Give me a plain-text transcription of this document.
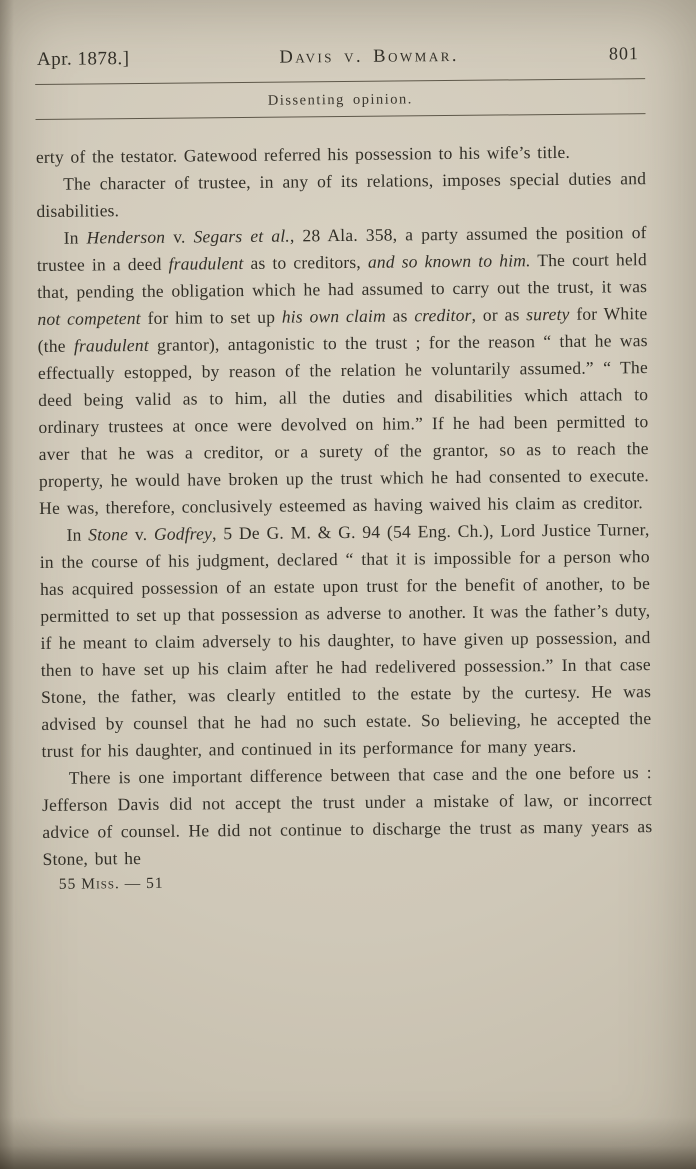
Apr. 1878.]	Davis v. Bowmar.	801
Dissenting opinion.

erty of the testator. Gatewood referred his possession to his wife’s title.

The character of trustee, in any of its relations, imposes special duties and disabilities.

In Henderson v. Segars et al., 28 Ala. 358, a party assumed the position of trustee in a deed fraudulent as to creditors, and so known to him. The court held that, pending the obligation which he had assumed to carry out the trust, it was not competent for him to set up his own claim as creditor, or as surety for White (the fraudulent grantor), antagonistic to the trust ; for the reason “ that he was effectually estopped, by reason of the relation he voluntarily assumed.” “ The deed being valid as to him, all the duties and disabilities which attach to ordinary trustees at once were devolved on him.” If he had been permitted to aver that he was a creditor, or a surety of the grantor, so as to reach the property, he would have broken up the trust which he had consented to execute. He was, therefore, conclusively esteemed as having waived his claim as creditor.

In Stone v. Godfrey, 5 De G. M. & G. 94 (54 Eng. Ch.), Lord Justice Turner, in the course of his judgment, declared “ that it is impossible for a person who has acquired possession of an estate upon trust for the benefit of another, to be permitted to set up that possession as adverse to another. It was the father’s duty, if he meant to claim adversely to his daughter, to have given up possession, and then to have set up his claim after he had redelivered possession.” In that case Stone, the father, was clearly entitled to the estate by the curtesy. He was advised by counsel that he had no such estate. So believing, he accepted the trust for his daughter, and continued in its performance for many years.

There is one important difference between that case and the one before us : Jefferson Davis did not accept the trust under a mistake of law, or incorrect advice of counsel. He did not continue to discharge the trust as many years as Stone, but he

55 Miss. — 51
